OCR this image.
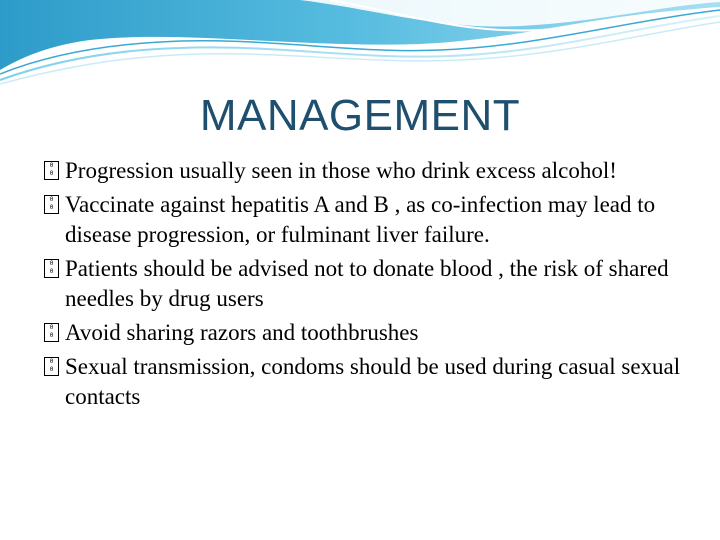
MANAGEMENT
0
0 Progression usually seen in those who drink excess alcohol!
0
0 Vaccinate against hepatitis A and B , as co-infection may lead to disease progression, or fulminant liver failure.
0
0 Patients should be advised not to donate blood , the risk of shared needles by drug users
0
0 Avoid sharing razors and toothbrushes
0
0 Sexual transmission, condoms should be used during casual sexual contacts
